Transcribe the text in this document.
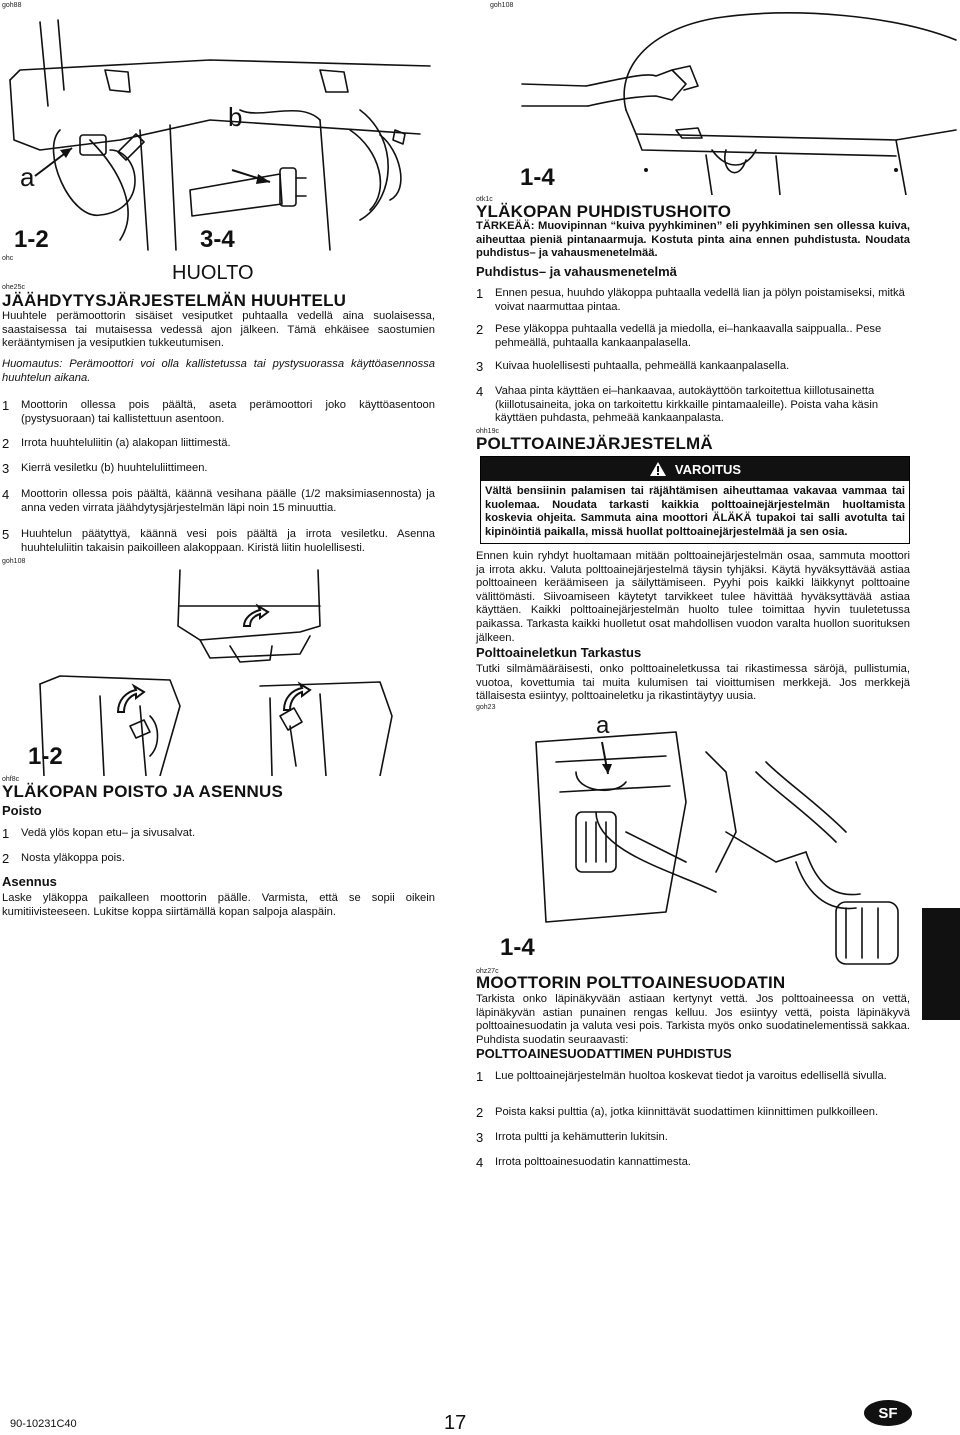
goh88	goh108
1-2	3-4
a
b
ohc
HUOLTO
ohe25c
JÄÄHDYTYSJÄRJESTELMÄN HUUHTELU
Huuhtele perämoottorin sisäiset vesiputket puhtaalla vedellä aina suolaisessa, saastaisessa tai mutaisessa vedessä ajon jälkeen. Tämä ehkäisee saostumien kerääntymisen ja vesiputkien tukkeutumisen.
Huomautus: Perämoottori voi olla kallistetussa tai pystysuorassa käyttöasennossa huuhtelun aikana.
1 Moottorin ollessa pois päältä, aseta perämoottori joko käyttöasentoon (pystysuoraan) tai kallistettuun asentoon.
2 Irrota huuhteluliitin (a) alakopan liittimestä.
3 Kierrä vesiletku (b) huuhteluliittimeen.
4 Moottorin ollessa pois päältä, käännä vesihana päälle (1/2 maksimiasennosta) ja anna veden virrata jäähdytysjärjestelmän läpi noin 15 minuuttia.
5 Huuhtelun päätyttyä, käännä vesi pois päältä ja irrota vesiletku. Asenna huuhteluliitin takaisin paikoilleen alakoppaan. Kiristä liitin huolellisesti.
goh108
1-2
ohf8c
YLÄKOPAN POISTO JA ASENNUS
Poisto
1 Vedä ylös kopan etu– ja sivusalvat.
2 Nosta yläkoppa pois.
Asennus
Laske yläkoppa paikalleen moottorin päälle. Varmista, että se sopii oikein kumitiivisteeseen. Lukitse koppa siirtämällä kopan salpoja alaspäin.
1-4
otk1c
YLÄKOPAN PUHDISTUSHOITO
TÄRKEÄÄ: Muovipinnan “kuiva pyyhkiminen” eli pyyhkiminen sen ollessa kuiva, aiheuttaa pieniä pintanaarmuja. Kostuta pinta aina ennen puhdistusta. Noudata puhdistus– ja vahausmenetelmää.
Puhdistus– ja vahausmenetelmä
1 Ennen pesua, huuhdo yläkoppa puhtaalla vedellä lian ja pölyn poistamiseksi, mitkä voivat naarmuttaa pintaa.
2 Pese yläkoppa puhtaalla vedellä ja miedolla, ei–hankaavalla saippualla.. Pese pehmeällä, puhtaalla kankaanpalasella.
3 Kuivaa huolellisesti puhtaalla, pehmeällä kankaanpalasella.
4 Vahaa pinta käyttäen ei–hankaavaa, autokäyttöön tarkoitettua kiillotusainetta (kiillotusaineita, joka on tarkoitettu kirkkaille pintamaaleille). Poista vaha käsin käyttäen puhdasta, pehmeää kankaanpalasta.
ohh19c
POLTTOAINEJÄRJESTELMÄ
VAROITUS
Vältä bensiinin palamisen tai räjähtämisen aiheuttamaa vakavaa vammaa tai kuolemaa. Noudata tarkasti kaikkia polttoainejärjestelmän huoltamista koskevia ohjeita. Sammuta aina moottori ÄLÄKÄ tupakoi tai salli avotulta tai kipinöintiä paikalla, missä huollat polttoainejärjestelmää ja sen osia.
Ennen kuin ryhdyt huoltamaan mitään polttoainejärjestelmän osaa, sammuta moottori ja irrota akku. Valuta polttoainejärjestelmä täysin tyhjäksi. Käytä hyväksyttävää astiaa polttoaineen keräämiseen ja säilyttämiseen. Pyyhi pois kaikki läikkynyt polttoaine välittömästi. Siivoamiseen käytetyt tarvikkeet tulee hävittää hyväksyttävää astiaa käyttäen. Kaikki polttoainejärjestelmän huolto tulee toimittaa hyvin tuuletetussa paikassa. Tarkasta kaikki huolletut osat mahdollisen vuodon varalta huollon suorituksen jälkeen.
Polttoaineletkun Tarkastus
Tutki silmämääräisesti, onko polttoaineletkussa tai rikastimessa säröjä, pullistumia, vuotoa, kovettumia tai muita kulumisen tai vioittumisen merkkejä. Jos merkkejä tällaisesta esiintyy, polttoaineletku ja rikastintäytyy uusia.
goh23
a
1-4
ohz27c
MOOTTORIN POLTTOAINESUODATIN
Tarkista onko läpinäkyvään astiaan kertynyt vettä. Jos polttoaineessa on vettä, läpinäkyvän astian punainen rengas kelluu. Jos esiintyy vettä, poista läpinäkyvä polttoainesuodatin ja valuta vesi pois. Tarkista myös onko suodatinelementissä sakkaa. Puhdista suodatin seuraavasti:
POLTTOAINESUODATTIMEN PUHDISTUS
1 Lue polttoainejärjestelmän huoltoa koskevat tiedot ja varoitus edellisellä sivulla.
2 Poista kaksi pulttia (a), jotka kiinnittävät suodattimen kiinnittimen pulkkoilleen.
3 Irrota pultti ja kehämutterin lukitsin.
4 Irrota polttoainesuodatin kannattimesta.
90-10231C40	17	SF
